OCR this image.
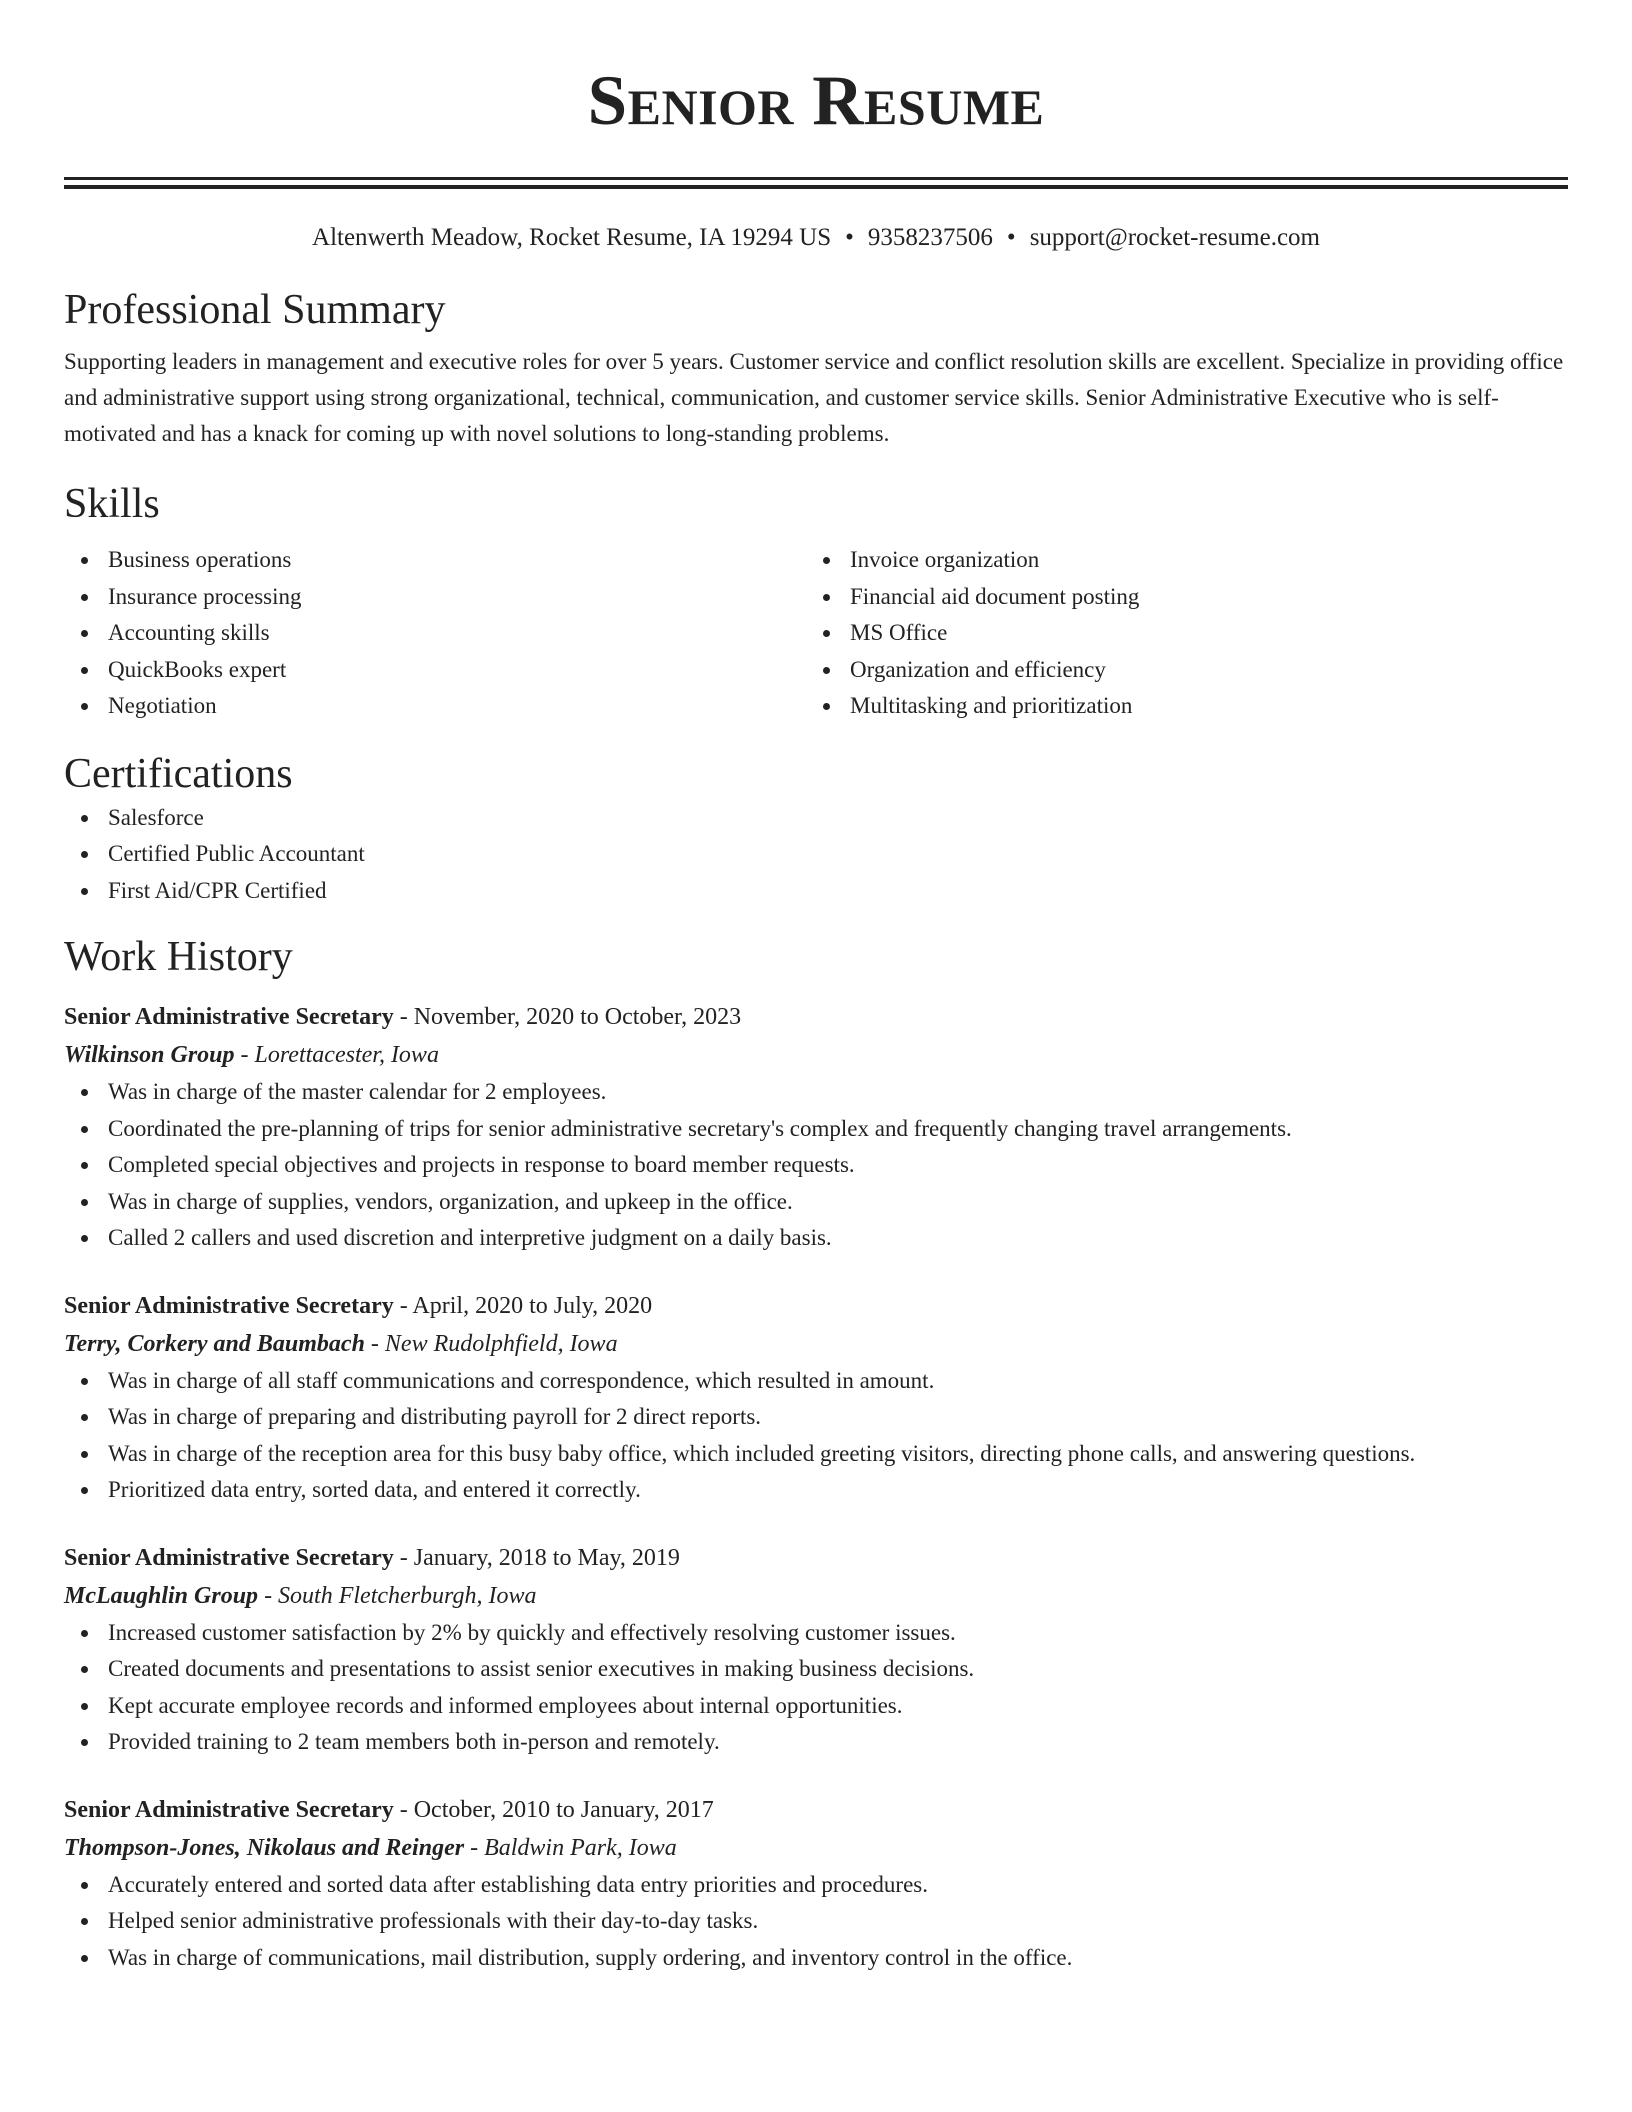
Senior Resume
Altenwerth Meadow, Rocket Resume, IA 19294 US • 9358237506 • support@rocket-resume.com
Professional Summary
Supporting leaders in management and executive roles for over 5 years. Customer service and conflict resolution skills are excellent. Specialize in providing office and administrative support using strong organizational, technical, communication, and customer service skills. Senior Administrative Executive who is self-motivated and has a knack for coming up with novel solutions to long-standing problems.
Skills
Business operations
Insurance processing
Accounting skills
QuickBooks expert
Negotiation
Invoice organization
Financial aid document posting
MS Office
Organization and efficiency
Multitasking and prioritization
Certifications
Salesforce
Certified Public Accountant
First Aid/CPR Certified
Work History
Senior Administrative Secretary - November, 2020 to October, 2023
Wilkinson Group - Lorettacester, Iowa
Was in charge of the master calendar for 2 employees.
Coordinated the pre-planning of trips for senior administrative secretary's complex and frequently changing travel arrangements.
Completed special objectives and projects in response to board member requests.
Was in charge of supplies, vendors, organization, and upkeep in the office.
Called 2 callers and used discretion and interpretive judgment on a daily basis.
Senior Administrative Secretary - April, 2020 to July, 2020
Terry, Corkery and Baumbach - New Rudolphfield, Iowa
Was in charge of all staff communications and correspondence, which resulted in amount.
Was in charge of preparing and distributing payroll for 2 direct reports.
Was in charge of the reception area for this busy baby office, which included greeting visitors, directing phone calls, and answering questions.
Prioritized data entry, sorted data, and entered it correctly.
Senior Administrative Secretary - January, 2018 to May, 2019
McLaughlin Group - South Fletcherburgh, Iowa
Increased customer satisfaction by 2% by quickly and effectively resolving customer issues.
Created documents and presentations to assist senior executives in making business decisions.
Kept accurate employee records and informed employees about internal opportunities.
Provided training to 2 team members both in-person and remotely.
Senior Administrative Secretary - October, 2010 to January, 2017
Thompson-Jones, Nikolaus and Reinger - Baldwin Park, Iowa
Accurately entered and sorted data after establishing data entry priorities and procedures.
Helped senior administrative professionals with their day-to-day tasks.
Was in charge of communications, mail distribution, supply ordering, and inventory control in the office.
